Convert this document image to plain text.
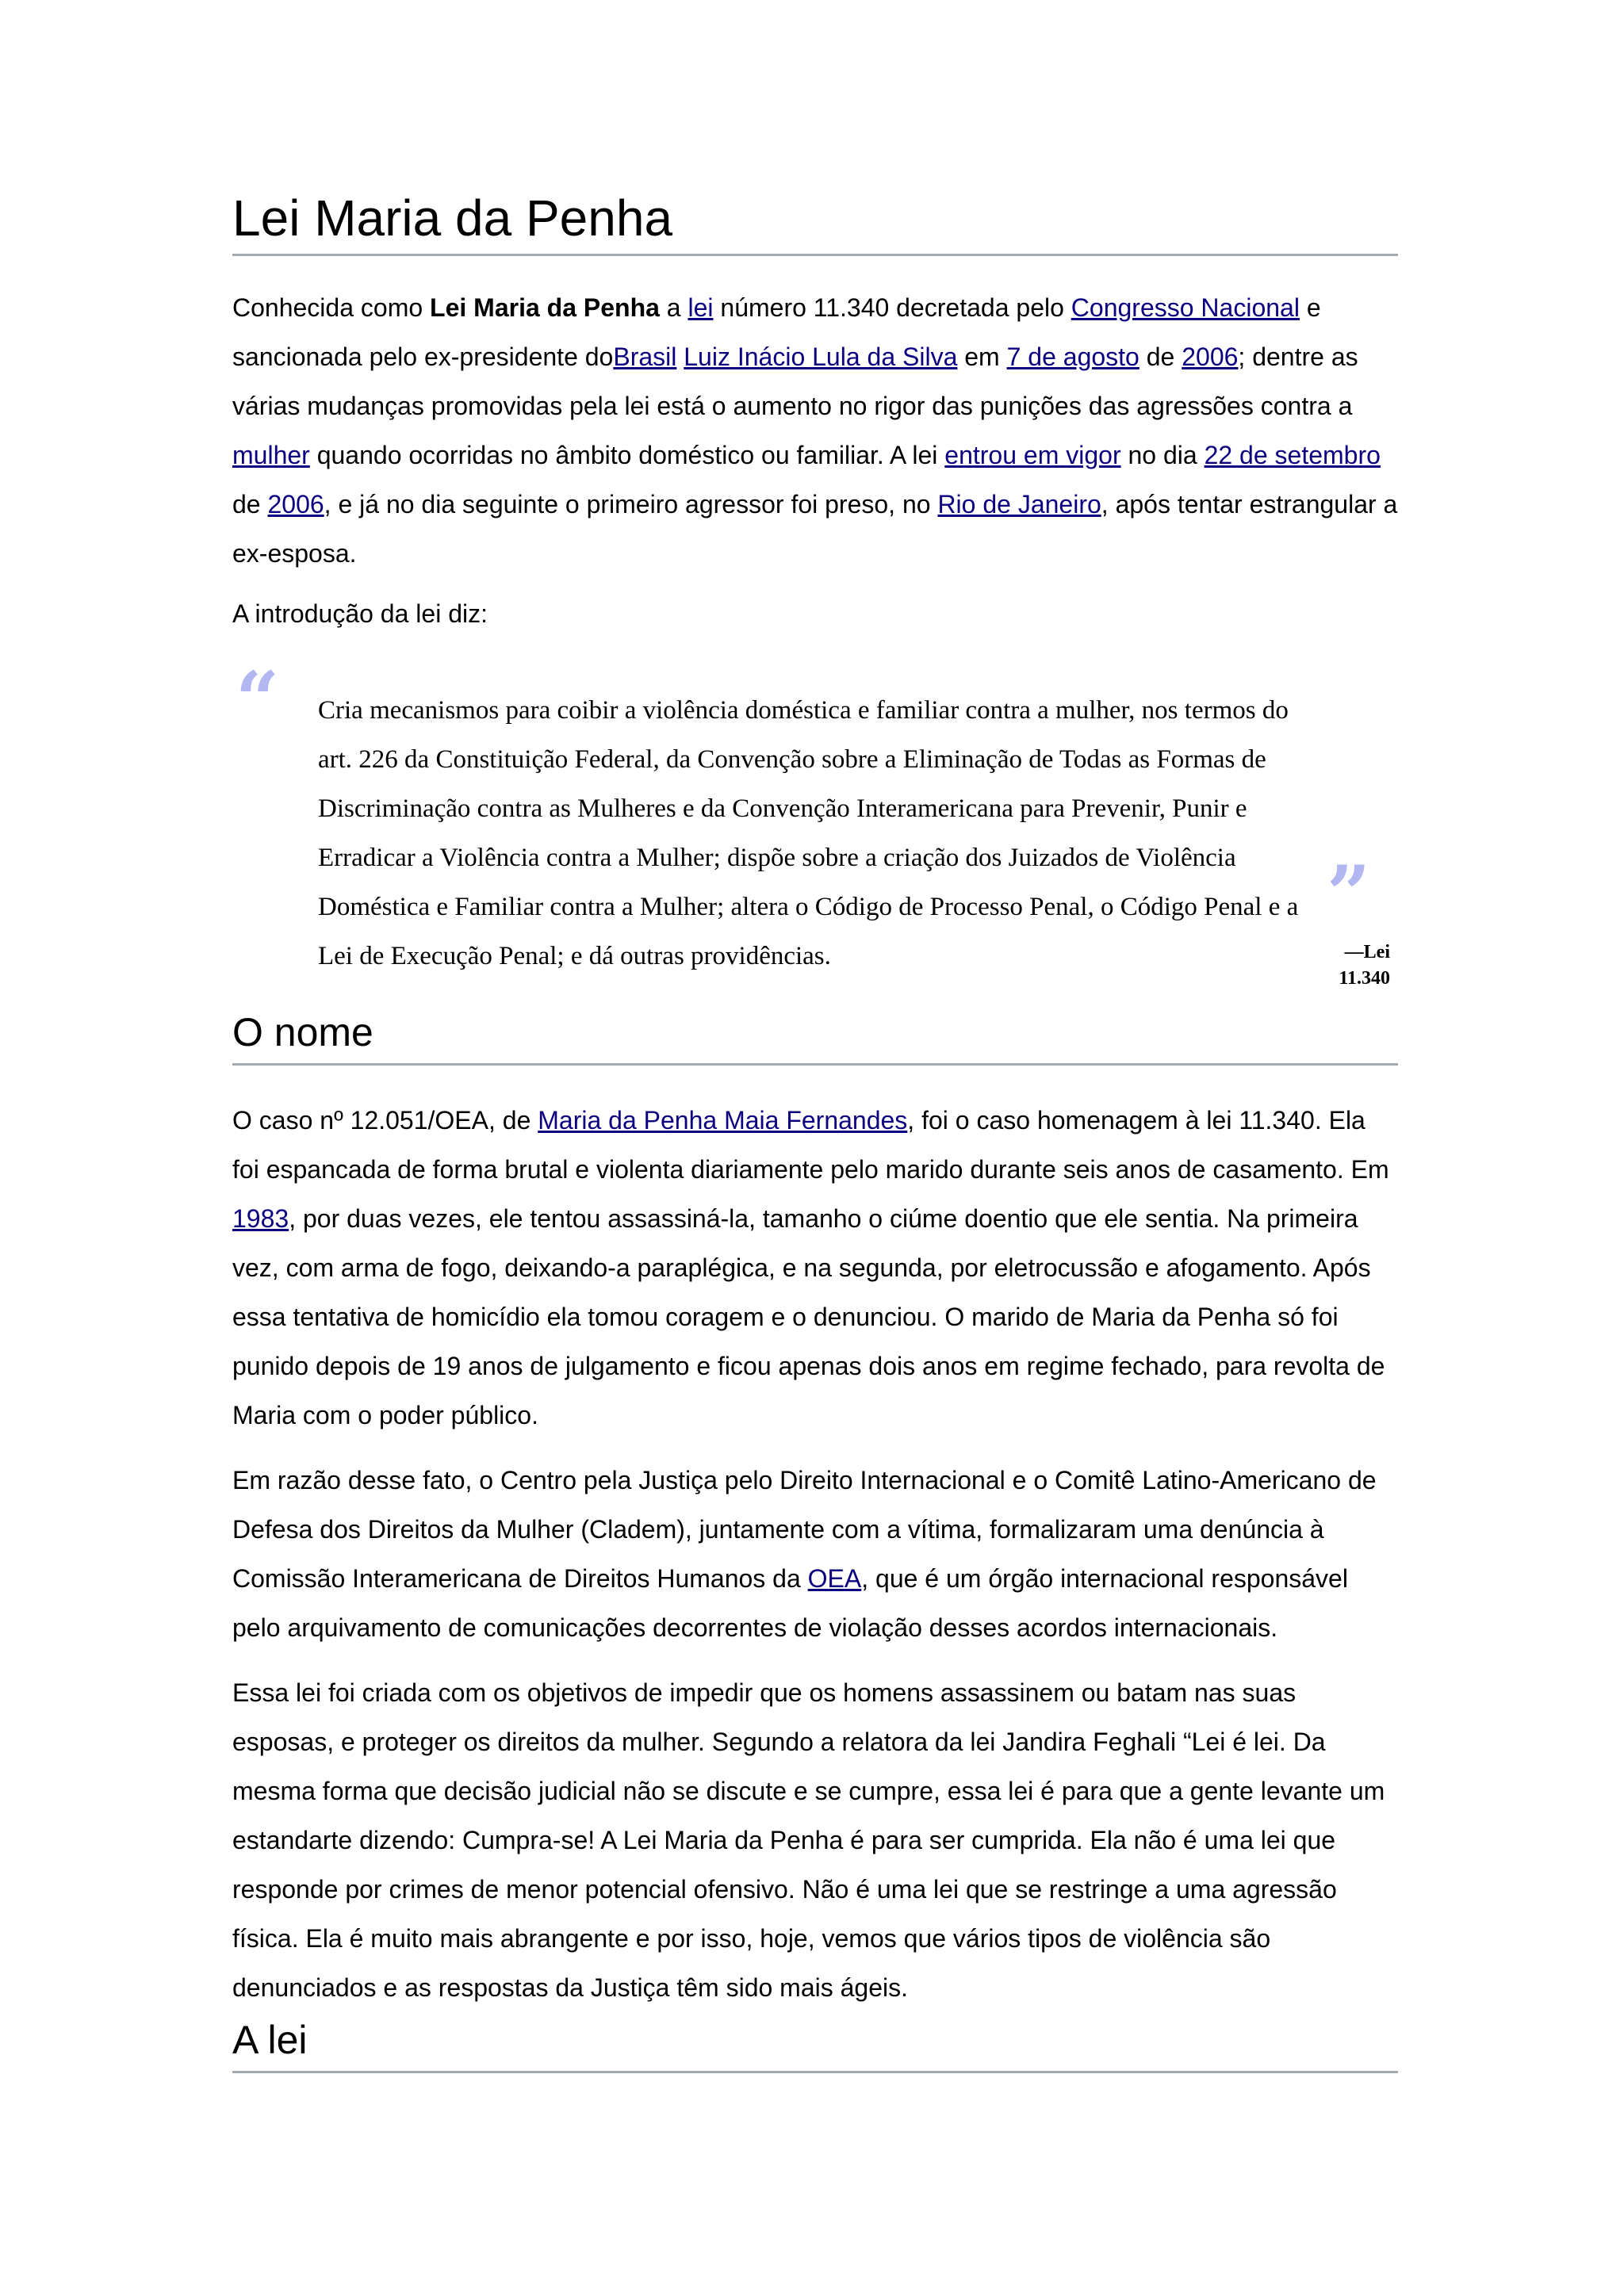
Lei Maria da Penha

Conhecida como Lei Maria da Penha a lei número 11.340 decretada pelo Congresso Nacional e sancionada pelo ex-presidente doBrasil Luiz Inácio Lula da Silva em 7 de agosto de 2006; dentre as várias mudanças promovidas pela lei está o aumento no rigor das punições das agressões contra a mulher quando ocorridas no âmbito doméstico ou familiar. A lei entrou em vigor no dia 22 de setembro de 2006, e já no dia seguinte o primeiro agressor foi preso, no Rio de Janeiro, após tentar estrangular a ex-esposa.

A introdução da lei diz:

“ Cria mecanismos para coibir a violência doméstica e familiar contra a mulher, nos termos do art. 226 da Constituição Federal, da Convenção sobre a Eliminação de Todas as Formas de Discriminação contra as Mulheres e da Convenção Interamericana para Prevenir, Punir e Erradicar a Violência contra a Mulher; dispõe sobre a criação dos Juizados de Violência Doméstica e Familiar contra a Mulher; altera o Código de Processo Penal, o Código Penal e a Lei de Execução Penal; e dá outras providências.
”
—Lei 11.340
O nome

O caso nº 12.051/OEA, de Maria da Penha Maia Fernandes, foi o caso homenagem à lei 11.340. Ela foi espancada de forma brutal e violenta diariamente pelo marido durante seis anos de casamento. Em 1983, por duas vezes, ele tentou assassiná-la, tamanho o ciúme doentio que ele sentia. Na primeira vez, com arma de fogo, deixando-a paraplégica, e na segunda, por eletrocussão e afogamento. Após essa tentativa de homicídio ela tomou coragem e o denunciou. O marido de Maria da Penha só foi punido depois de 19 anos de julgamento e ficou apenas dois anos em regime fechado, para revolta de Maria com o poder público.

Em razão desse fato, o Centro pela Justiça pelo Direito Internacional e o Comitê Latino-Americano de Defesa dos Direitos da Mulher (Cladem), juntamente com a vítima, formalizaram uma denúncia à Comissão Interamericana de Direitos Humanos da OEA, que é um órgão internacional responsável pelo arquivamento de comunicações decorrentes de violação desses acordos internacionais.

Essa lei foi criada com os objetivos de impedir que os homens assassinem ou batam nas suas esposas, e proteger os direitos da mulher. Segundo a relatora da lei Jandira Feghali “Lei é lei. Da mesma forma que decisão judicial não se discute e se cumpre, essa lei é para que a gente levante um estandarte dizendo: Cumpra-se! A Lei Maria da Penha é para ser cumprida. Ela não é uma lei que responde por crimes de menor potencial ofensivo. Não é uma lei que se restringe a uma agressão física. Ela é muito mais abrangente e por isso, hoje, vemos que vários tipos de violência são denunciados e as respostas da Justiça têm sido mais ágeis.

A lei
